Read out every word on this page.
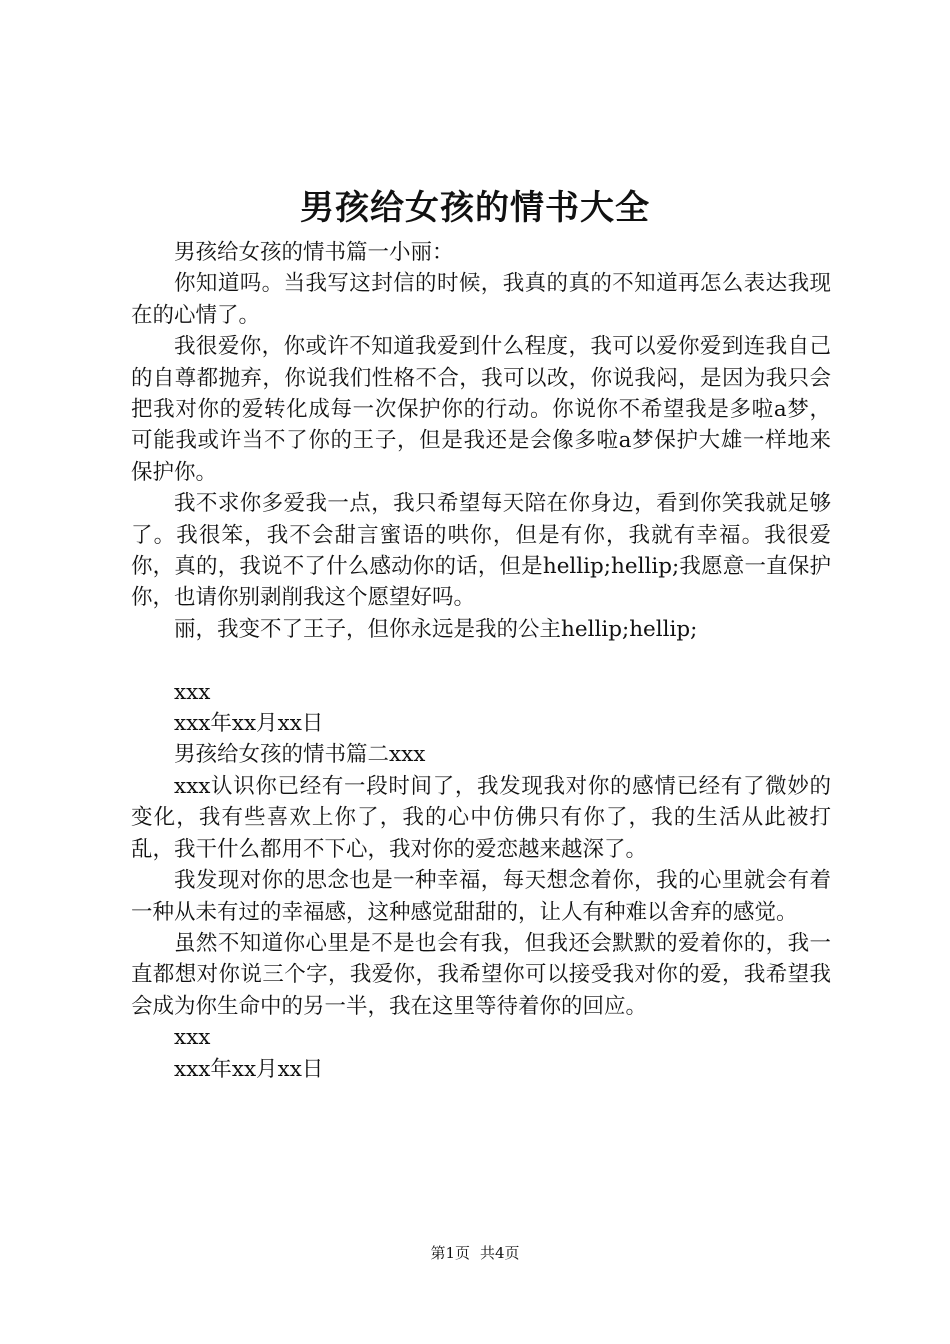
男孩给女孩的情书大全

男孩给女孩的情书篇一小丽：

你知道吗。当我写这封信的时候，我真的真的不知道再怎么表达我现在的心情了。

我很爱你，你或许不知道我爱到什么程度，我可以爱你爱到连我自己的自尊都抛弃，你说我们性格不合，我可以改，你说我闷，是因为我只会把我对你的爱转化成每一次保护你的行动。你说你不希望我是多啦a梦，可能我或许当不了你的王子，但是我还是会像多啦a梦保护大雄一样地来保护你。

我不求你多爱我一点，我只希望每天陪在你身边，看到你笑我就足够了。我很笨，我不会甜言蜜语的哄你，但是有你，我就有幸福。我很爱你，真的，我说不了什么感动你的话，但是hellip;hellip;我愿意一直保护你，也请你别剥削我这个愿望好吗。

丽，我变不了王子，但你永远是我的公主hellip;hellip;

xxx

xxx年xx月xx日

男孩给女孩的情书篇二xxx

xxx认识你已经有一段时间了，我发现我对你的感情已经有了微妙的变化，我有些喜欢上你了，我的心中仿佛只有你了，我的生活从此被打乱，我干什么都用不下心，我对你的爱恋越来越深了。

我发现对你的思念也是一种幸福，每天想念着你，我的心里就会有着一种从未有过的幸福感，这种感觉甜甜的，让人有种难以舍弃的感觉。

虽然不知道你心里是不是也会有我，但我还会默默的爱着你的，我一直都想对你说三个字，我爱你，我希望你可以接受我对你的爱，我希望我会成为你生命中的另一半，我在这里等待着你的回应。

xxx

xxx年xx月xx日

第1页 共4页
